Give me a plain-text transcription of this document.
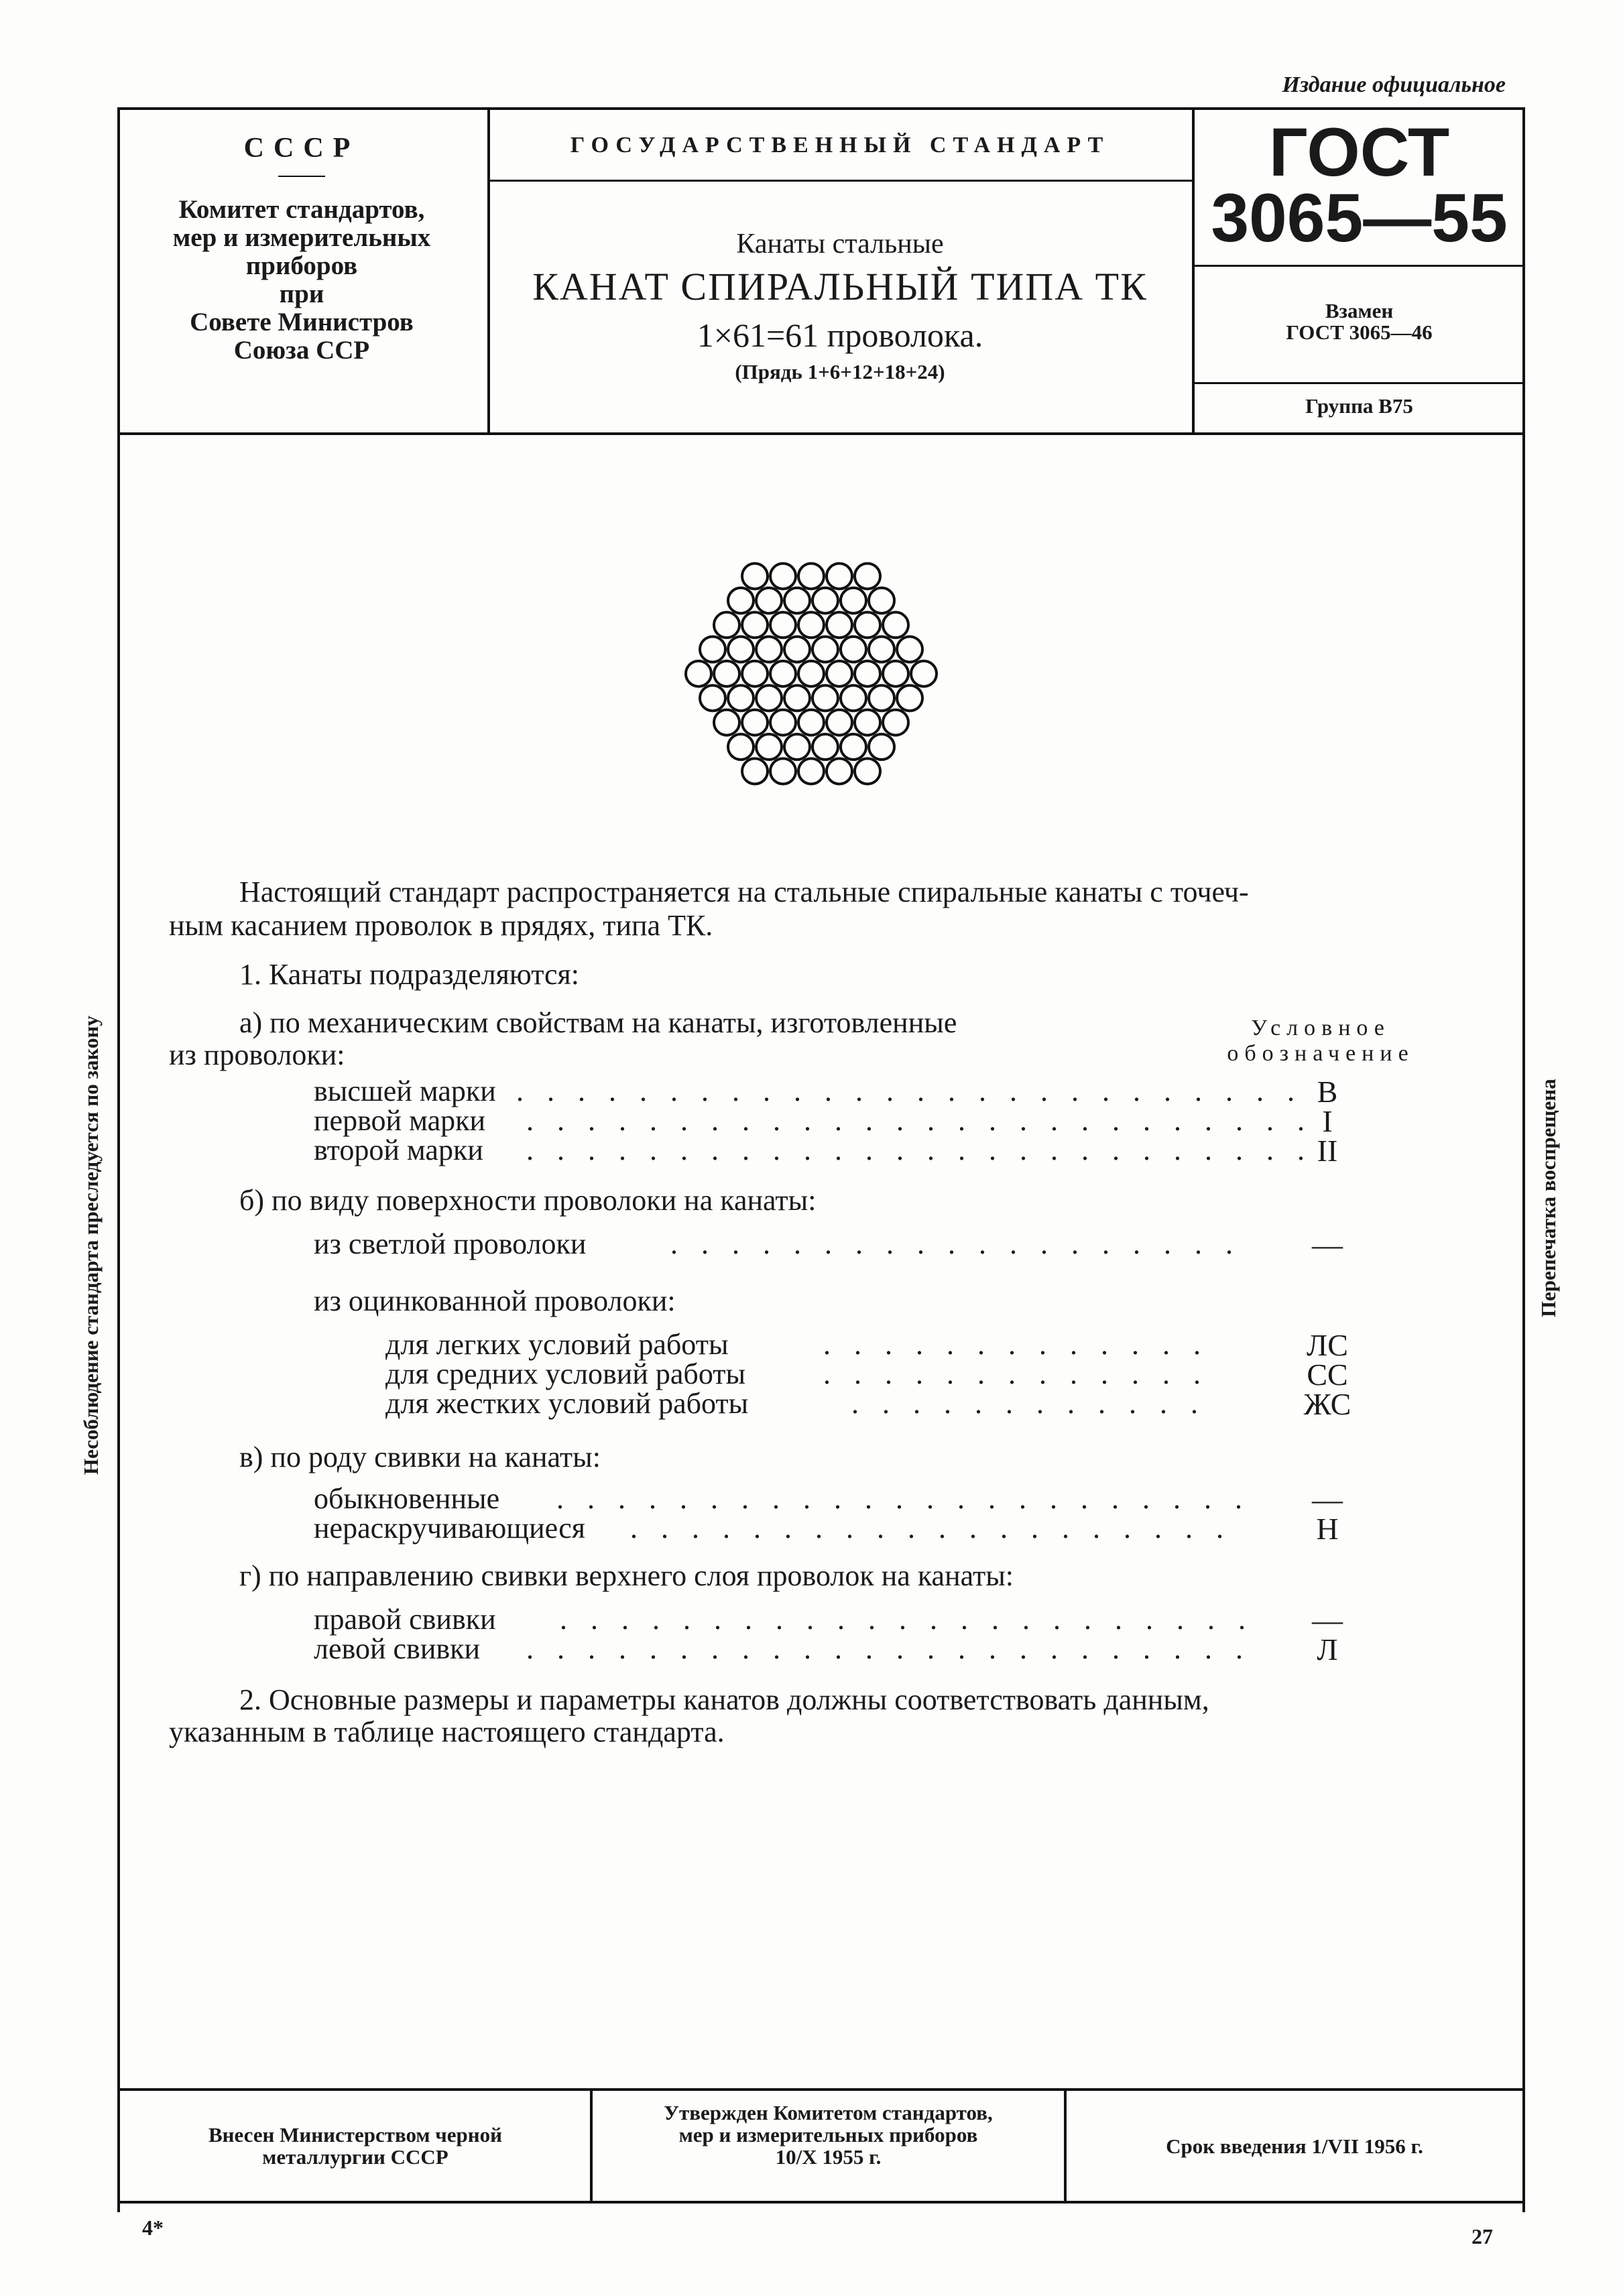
Издание официальное
СССР
Комитет стандартов,
мер и измерительных
приборов
при
Совете Министров
Союза ССР
ГОСУДАРСТВЕННЫЙ СТАНДАРТ
Канаты стальные
КАНАТ СПИРАЛЬНЫЙ ТИПА ТК
1×61=61 проволока.
(Прядь 1+6+12+18+24)
ГОСТ
3065—55
Взамен
ГОСТ 3065—46
Группа В75
Настоящий стандарт распространяется на стальные спиральные канаты с точеч-
ным касанием проволок в прядях, типа ТК.
1. Канаты подразделяются:
а) по механическим свойствам на канаты, изготовленные
из проволоки:
Условное
обозначение
высшей марки . . . . . . . . . . . . . . . . . . . . . . . . . . В
первой марки . . . . . . . . . . . . . . . . . . . . . . . . . . I
второй марки . . . . . . . . . . . . . . . . . . . . . . . . . . II
б) по виду поверхности проволоки на канаты:
из светлой проволоки	. . . . . . . . . . . . . . . . . . .	—
из оцинкованной проволоки:
для легких условий работы	. . . . . . . . . . . . .	ЛС
для средних условий работы	. . . . . . . . . . . . .	СС
для жестких условий работы	. . . . . . . . . . . .	ЖС
в) по роду свивки на канаты:
обыкновенные . . . . . . . . . . . . . . . . . . . . . . .	—
нераскручивающиеся . . . . . . . . . . . . . . . . . . . .	Н
г) по направлению свивки верхнего слоя проволок на канаты:
правой свивки . . . . . . . . . . . . . . . . . . . . . . .	—
левой свивки . . . . . . . . . . . . . . . . . . . . . . . .	Л
2. Основные размеры и параметры канатов должны соответствовать данным,
указанным в таблице настоящего стандарта.
Несоблюдение стандарта преследуется по закону	Перепечатка воспрещена
Внесен Министерством черной
металлургии СССР
Утвержден Комитетом стандартов,
мер и измерительных приборов
10/X 1955 г.	Срок введения 1/VII 1956 г.
4*	27
